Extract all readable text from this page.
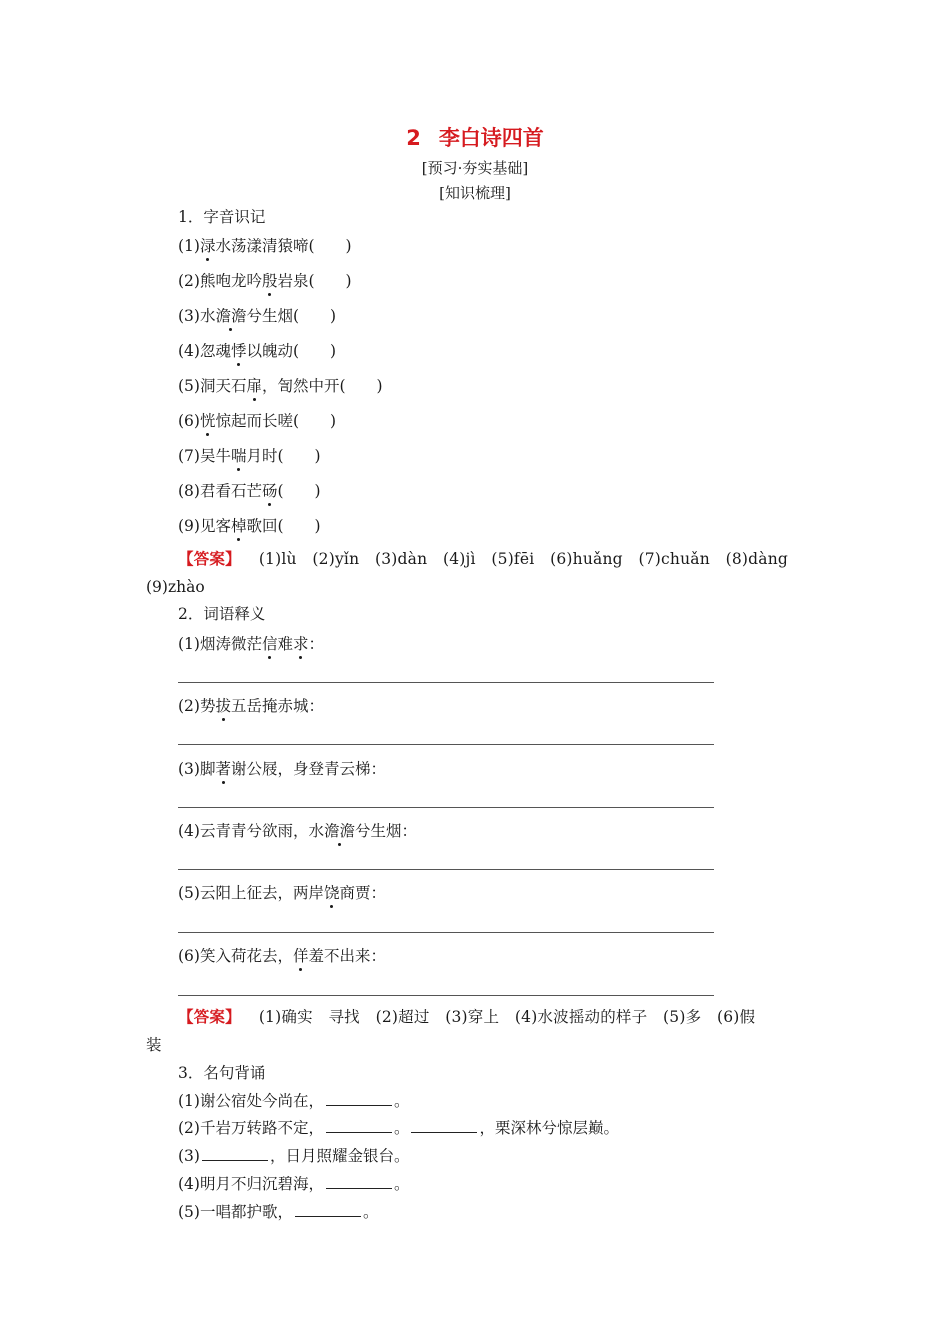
2 李白诗四首
[预习·夯实基础]
[知识梳理]
1．字音识记
(1)渌水荡漾清猿啼(　　)
(2)熊咆龙吟殷岩泉(　　)
(3)水澹澹兮生烟(　　)
(4)忽魂悸以魄动(　　)
(5)洞天石扉，訇然中开(　　)
(6)恍惊起而长嗟(　　)
(7)吴牛喘月时(　　)
(8)君看石芒砀(　　)
(9)见客棹歌回(　　)
【答案】 (1)lù　(2)yǐn　(3)dàn　(4)jì　(5)fēi　(6)huǎng　(7)chuǎn　(8)dàng
(9)zhào
2．词语释义
(1)烟涛微茫信难求：
(2)势拔五岳掩赤城：
(3)脚著谢公屐，身登青云梯：
(4)云青青兮欲雨，水澹澹兮生烟：
(5)云阳上征去，两岸饶商贾：
(6)笑入荷花去，佯羞不出来：
【答案】 (1)确实　寻找　(2)超过　(3)穿上　(4)水波摇动的样子　(5)多　(6)假
装
3．名句背诵
(1)谢公宿处今尚在，	。
(2)千岩万转路不定，	。	，栗深林兮惊层巅。
(3)	，日月照耀金银台。
(4)明月不归沉碧海，	。
(5)一唱都护歌，	。
